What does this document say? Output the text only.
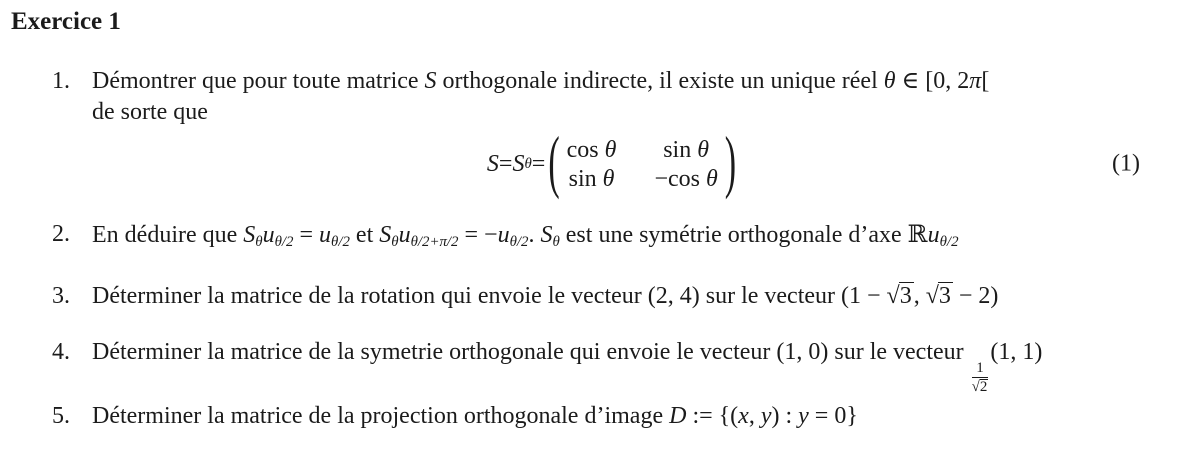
Exercice 1
1. Démontrer que pour toute matrice S orthogonale indirecte, il existe un unique réel θ ∈ [0, 2π[
de sorte que
S = S θ = ( cos θ	sin θ
sin θ −cos θ )	(1)
2. En déduire que $S_\theta u_{\theta/2} = u_{\theta/2}$ et $S_\theta u_{\theta/2+\pi/2} = -u_{\theta/2}$. $S_\theta$ est une symétrie orthogonale d’axe ℝu$_{\theta/2}$
3. Déterminer la matrice de la rotation qui envoie le vecteur (2, 4) sur le vecteur (1 − √3, √3 − 2)
4. Déterminer la matrice de la symetrie orthogonale qui envoie le vecteur (1, 0) sur le vecteur
$\frac{1}{√2}$
(1, 1)
5. Déterminer la matrice de la projection orthogonale d’image D := {(x, y) : y = 0}
